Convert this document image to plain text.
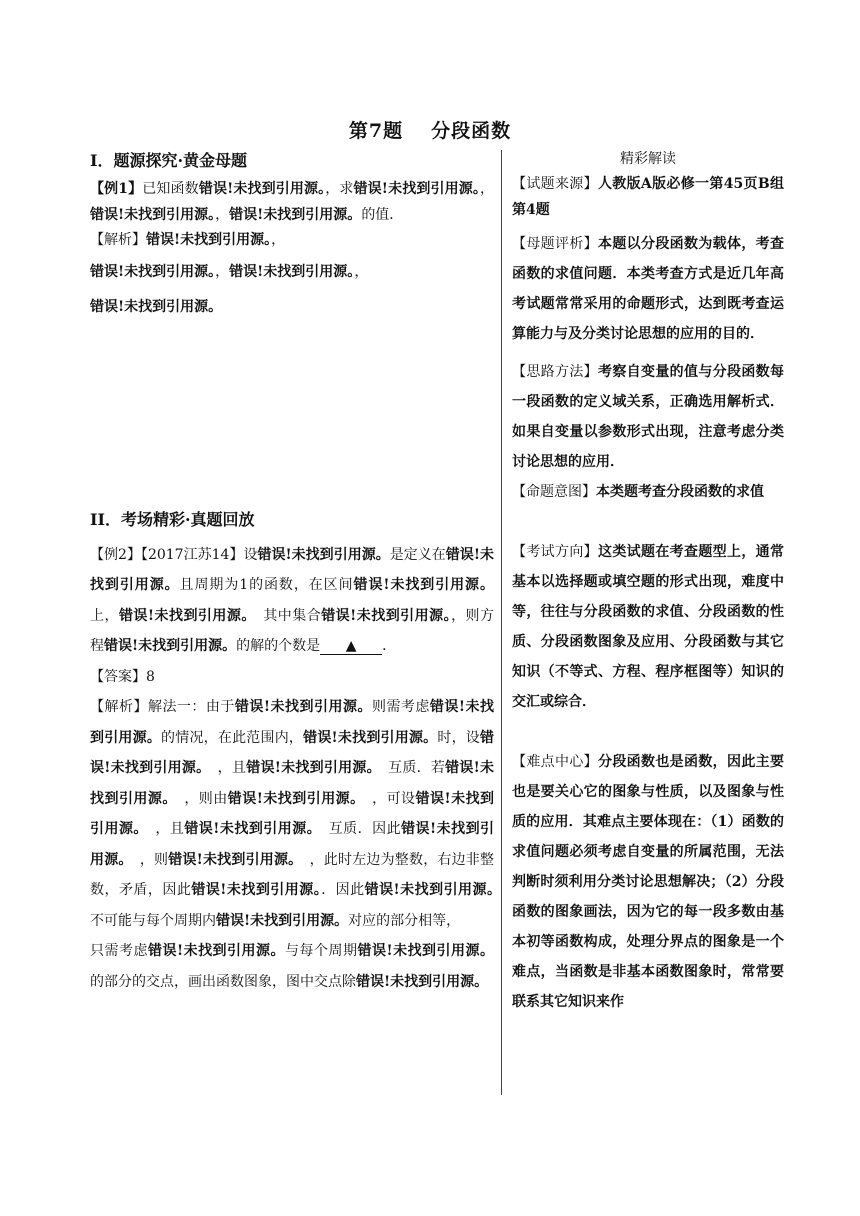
第7题 分段函数
I．题源探究·黄金母题

【例1】已知函数错误!未找到引用源。，求错误!未找到引用源。，错误!未找到引用源。，错误!未找到引用源。的值．

【解析】错误!未找到引用源。，

错误!未找到引用源。，错误!未找到引用源。，

错误!未找到引用源。

II．考场精彩·真题回放

【例2】【2017江苏14】设错误!未找到引用源。是定义在错误!未找到引用源。且周期为1的函数，在区间错误!未找到引用源。上，错误!未找到引用源。　 其中集合错误!未找到引用源。，则方程错误!未找到引用源。的解的个数是 ▲ ．

【答案】8

【解析】解法一：由于错误!未找到引用源。则需考虑错误!未找到引用源。的情况，在此范围内，错误!未找到引用源。时，设错误!未找到引用源。　 ，且错误!未找到引用源。　 互质．若错误!未找到引用源。　 ，则由错误!未找到引用源。　 ，可设错误!未找到引用源。　 ，且错误!未找到引用源。　 互质．因此错误!未找到引用源。　 ，则错误!未找到引用源。　 ，此时左边为整数，右边非整数，矛盾，因此错误!未找到引用源。．因此错误!未找到引用源。　不可能与每个周期内错误!未找到引用源。对应的部分相等，

只需考虑错误!未找到引用源。与每个周期错误!未找到引用源。的部分的交点，画出函数图象，图中交点除错误!未找到引用源。

精彩解读

【试题来源】人教版A版必修一第45页B组第4题

【母题评析】本题以分段函数为载体，考查函数的求值问题．本类考查方式是近几年高考试题常常采用的命题形式，达到既考查运算能力与及分类讨论思想的应用的目的．

【思路方法】考察自变量的值与分段函数每一段函数的定义域关系，正确选用解析式．如果自变量以参数形式出现，注意考虑分类讨论思想的应用．

【命题意图】本类题考查分段函数的求值

【考试方向】这类试题在考查题型上，通常基本以选择题或填空题的形式出现，难度中等，往往与分段函数的求值、分段函数的性质、分段函数图象及应用、分段函数与其它知识（不等式、方程、程序框图等）知识的交汇或综合．

【难点中心】分段函数也是函数，因此主要也是要关心它的图象与性质，以及图象与性质的应用．其难点主要体现在：（1）函数的求值问题必须考虑自变量的所属范围，无法判断时须利用分类讨论思想解决；（2）分段函数的图象画法，因为它的每一段多数由基本初等函数构成，处理分界点的图象是一个难点，当函数是非基本函数图象时，常常要联系其它知识来作
